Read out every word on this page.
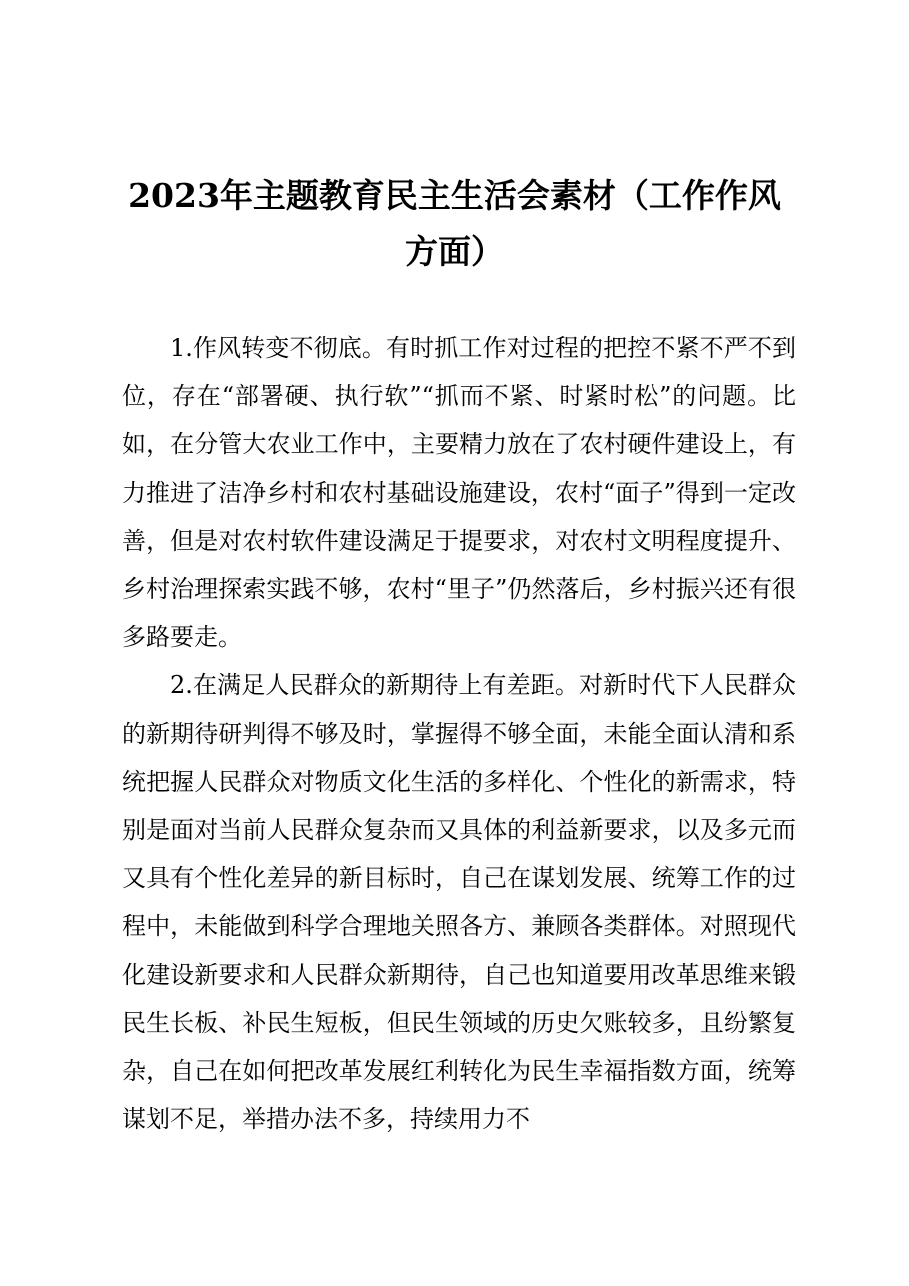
2023年主题教育民主生活会素材（工作作风方面）

1.作风转变不彻底。有时抓工作对过程的把控不紧不严不到位，存在“部署硬、执行软”“抓而不紧、时紧时松”的问题。比如，在分管大农业工作中，主要精力放在了农村硬件建设上，有力推进了洁净乡村和农村基础设施建设，农村“面子”得到一定改善，但是对农村软件建设满足于提要求，对农村文明程度提升、乡村治理探索实践不够，农村“里子”仍然落后，乡村振兴还有很多路要走。

2.在满足人民群众的新期待上有差距。对新时代下人民群众的新期待研判得不够及时，掌握得不够全面，未能全面认清和系统把握人民群众对物质文化生活的多样化、个性化的新需求，特别是面对当前人民群众复杂而又具体的利益新要求，以及多元而又具有个性化差异的新目标时，自己在谋划发展、统筹工作的过程中，未能做到科学合理地关照各方、兼顾各类群体。对照现代化建设新要求和人民群众新期待，自己也知道要用改革思维来锻民生长板、补民生短板，但民生领域的历史欠账较多，且纷繁复杂，自己在如何把改革发展红利转化为民生幸福指数方面，统筹谋划不足，举措办法不多，持续用力不
